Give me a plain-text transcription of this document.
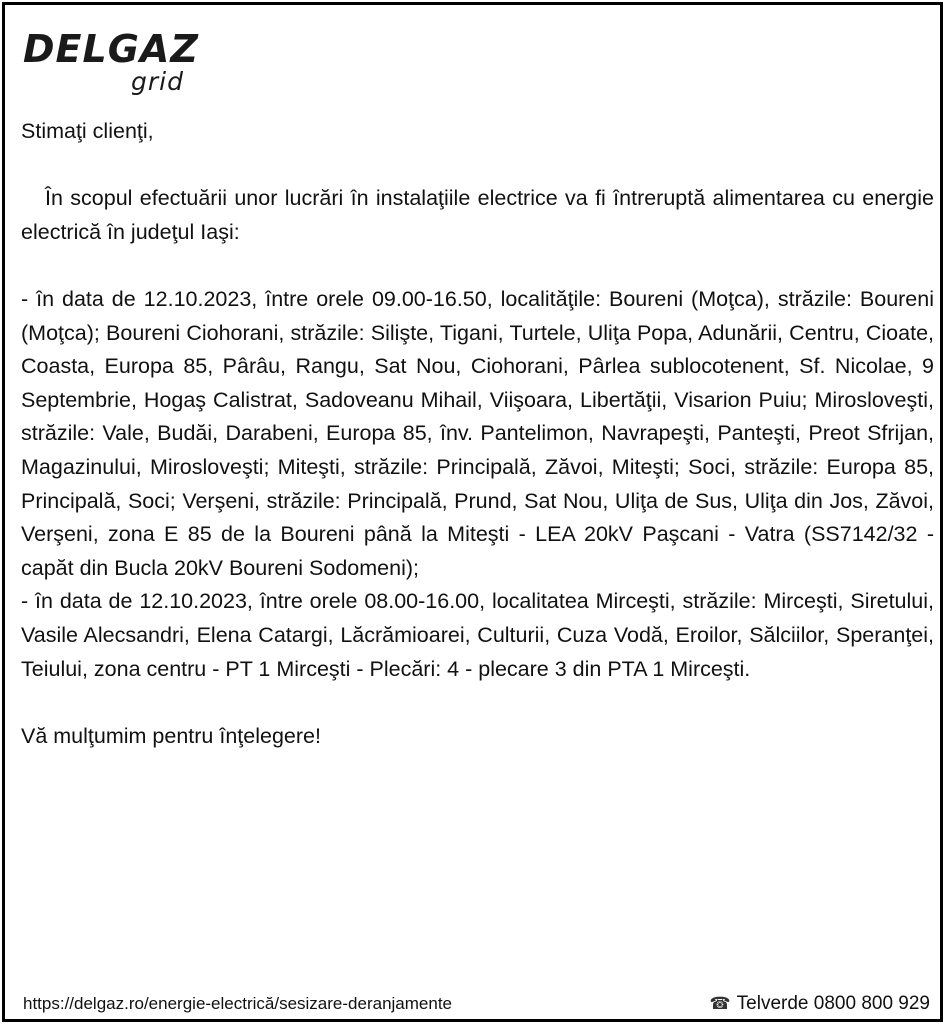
DELGAZ
grid

Stimaţi clienţi,

În scopul efectuării unor lucrări în instalaţiile electrice va fi întreruptă alimentarea cu energie electrică în judeţul Iaşi:

- în data de 12.10.2023, între orele 09.00-16.50, localităţile: Boureni (Moţca), străzile: Boureni (Moţca); Boureni Ciohorani, străzile: Silişte, Tigani, Turtele, Uliţa Popa, Adunării, Centru, Cioate, Coasta, Europa 85, Pârâu, Rangu, Sat Nou, Ciohorani, Pârlea sublocotenent, Sf. Nicolae, 9 Septembrie, Hogaş Calistrat, Sadoveanu Mihail, Viişoara, Libertăţii, Visarion Puiu; Mirosloveşti, străzile: Vale, Budăi, Darabeni, Europa 85, înv. Pantelimon, Navrapeşti, Panteşti, Preot Sfrijan, Magazinului, Mirosloveşti; Miteşti, străzile: Principală, Zăvoi, Miteşti; Soci, străzile: Europa 85, Principală, Soci; Verşeni, străzile: Principală, Prund, Sat Nou, Uliţa de Sus, Uliţa din Jos, Zăvoi, Verşeni, zona E 85 de la Boureni până la Miteşti - LEA 20kV Paşcani - Vatra (SS7142/32 - capăt din Bucla 20kV Boureni Sodomeni);

- în data de 12.10.2023, între orele 08.00-16.00, localitatea Mirceşti, străzile: Mirceşti, Siretului, Vasile Alecsandri, Elena Catargi, Lăcrămioarei, Culturii, Cuza Vodă, Eroilor, Sălciilor, Speranţei, Teiului, zona centru - PT 1 Mirceşti - Plecări: 4 - plecare 3 din PTA 1 Mirceşti.

Vă mulţumim pentru înţelegere!

https://delgaz.ro/energie-electrică/sesizare-deranjamente	☎ Telverde 0800 800 929
